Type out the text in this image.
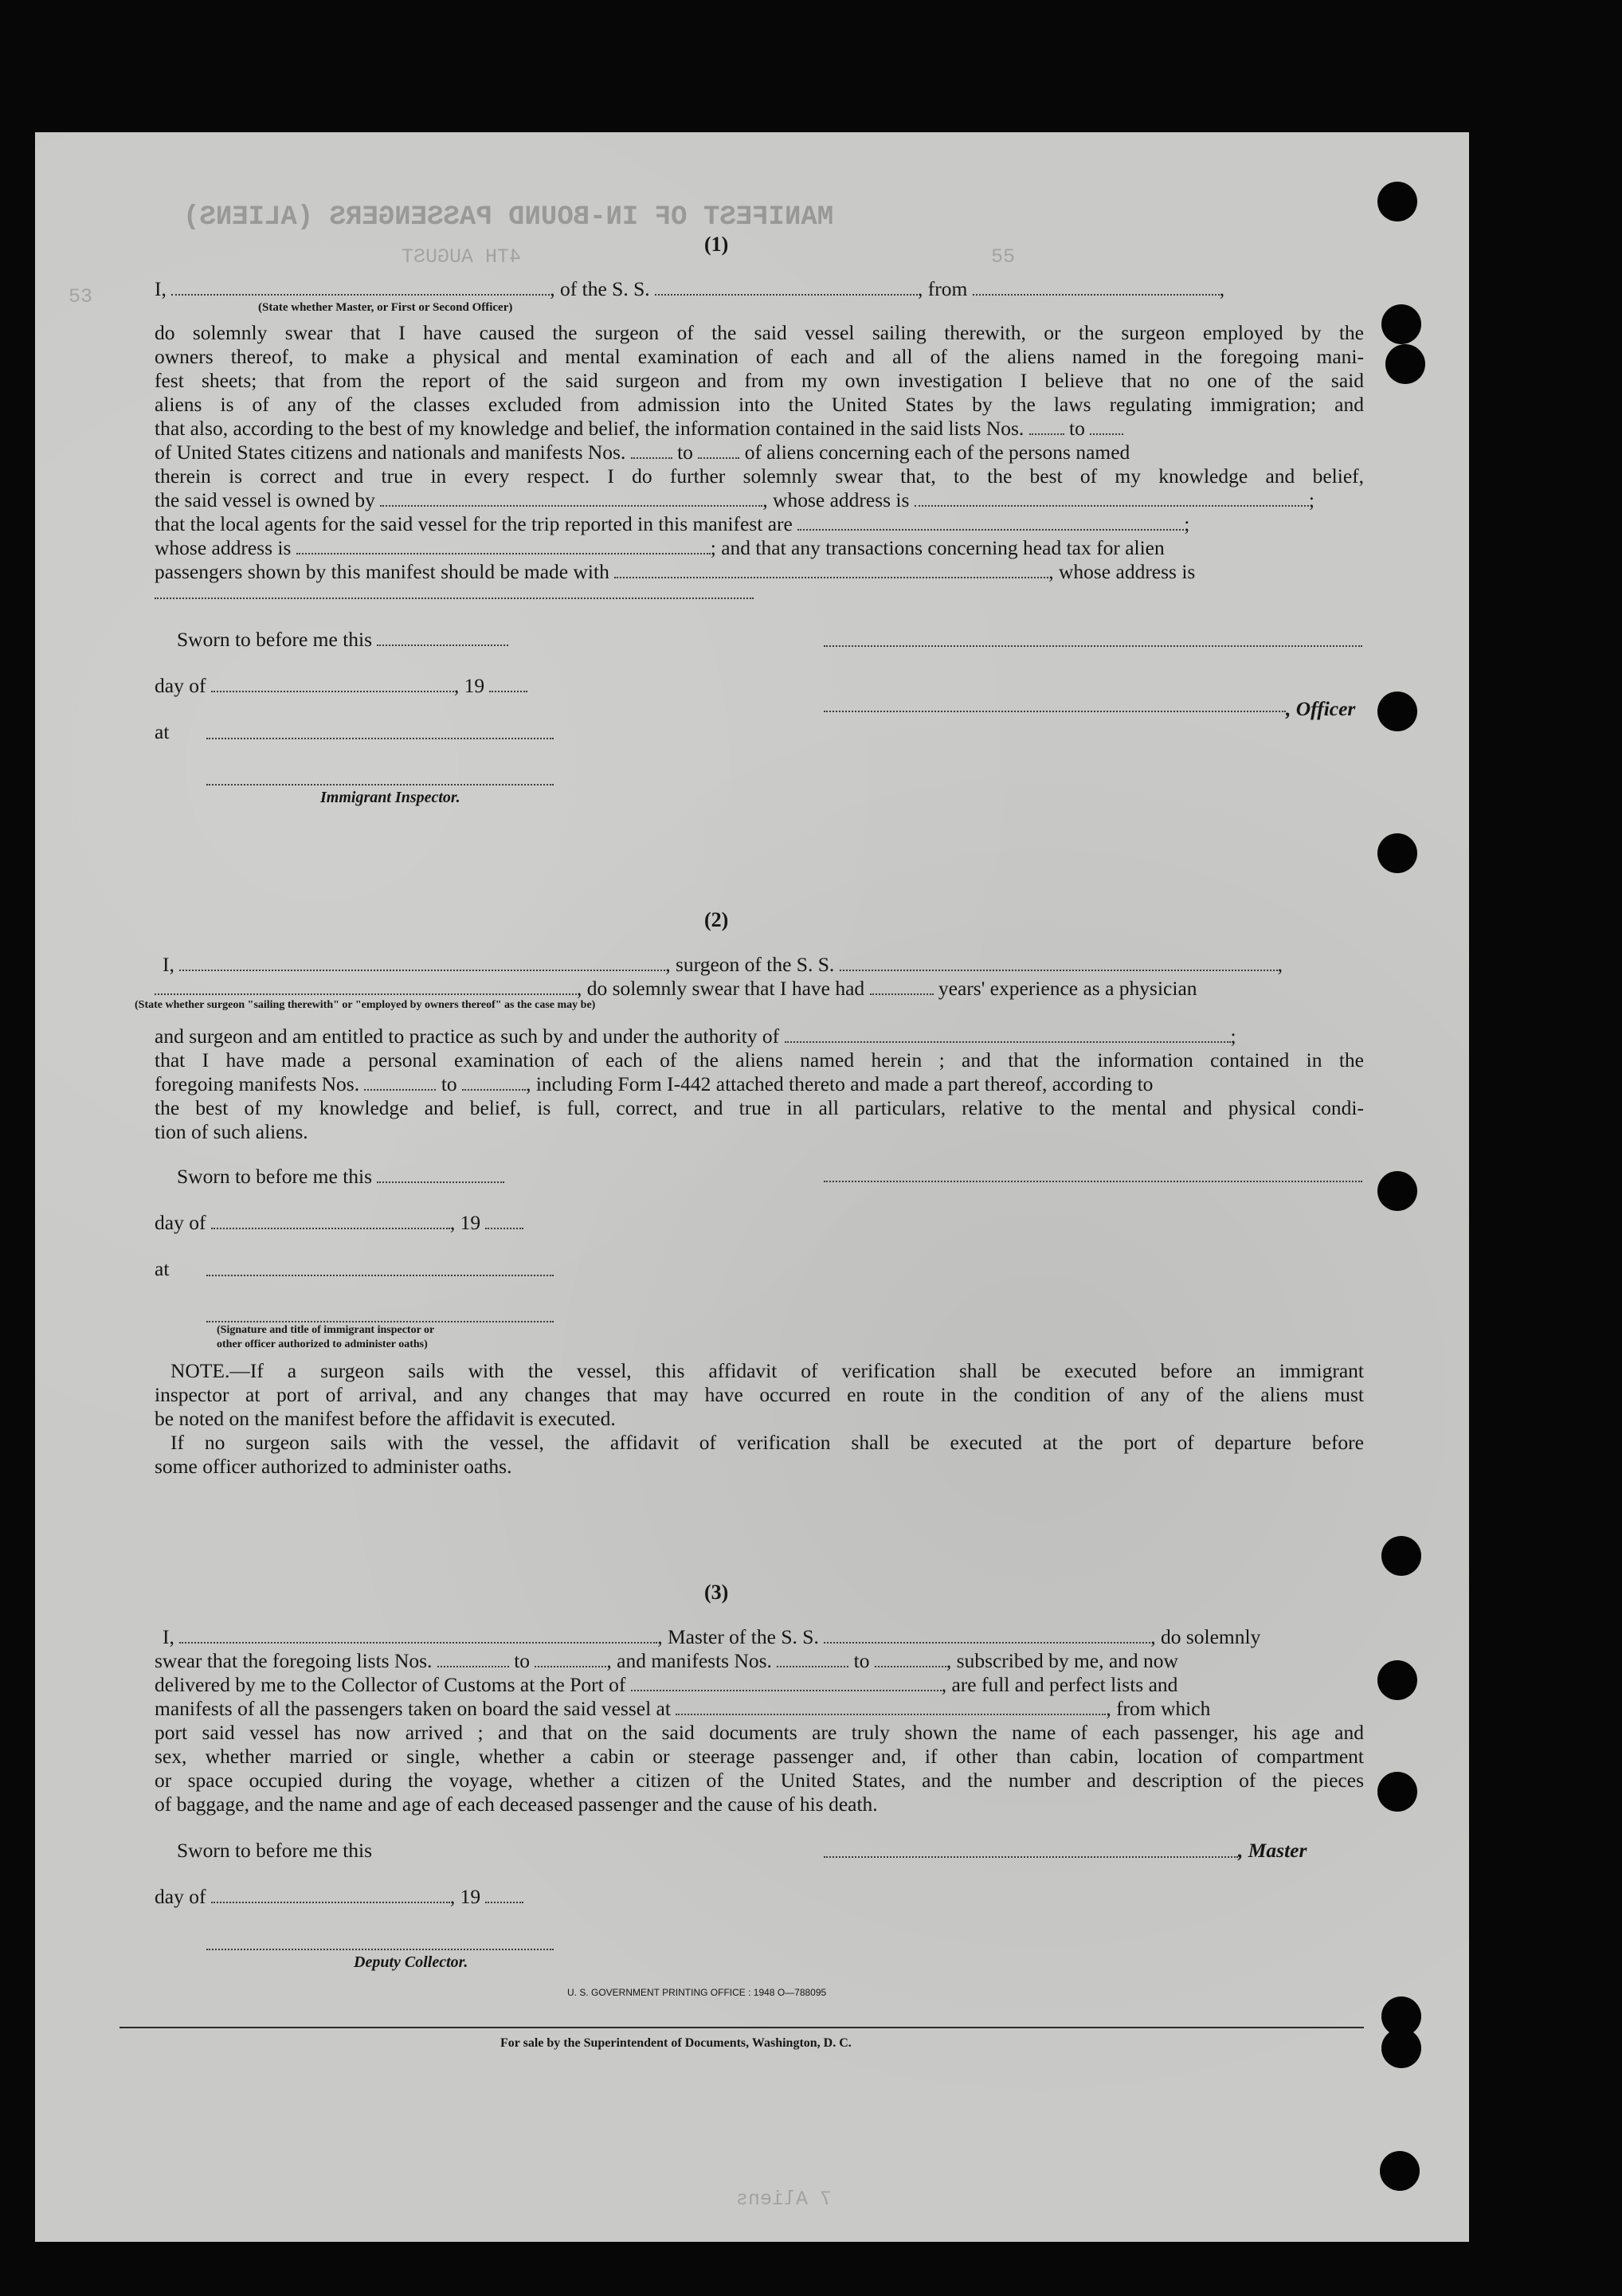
MANIFEST OF IN-BOUND PASSENGERS (ALIENS)
4TH AUGUST
53
55
7 Aliens
(1)
I,	, of the S. S.	, from	,
(State whether Master, or First or Second Officer)
do solemnly swear that I have caused the surgeon of the said vessel sailing therewith, or the surgeon employed by the
owners thereof, to make a physical and mental examination of each and all of the aliens named in the foregoing mani-
fest sheets; that from the report of the said surgeon and from my own investigation I believe that no one of the said
aliens is of any of the classes excluded from admission into the United States by the laws regulating immigration; and
that also, according to the best of my knowledge and belief, the information contained in the said lists Nos. to
of United States citizens and nationals and manifests Nos.	to	of aliens concerning each of the persons named
therein is correct and true in every respect. I do further solemnly swear that, to the best of my knowledge and belief,
the said vessel is owned by	, whose address is	;
that the local agents for the said vessel for the trip reported in this manifest are	;
whose address is	; and that any transactions concerning head tax for alien
passengers shown by this manifest should be made with	, whose address is
Sworn to before me this
day of	, 19
at
Immigrant Inspector.
, Officer
(2)
I,	, surgeon of the S. S.	,
, do solemnly swear that I have had	years' experience as a physician
(State whether surgeon "sailing therewith" or "employed by owners thereof" as the case may be)
and surgeon and am entitled to practice as such by and under the authority of	;
that I have made a personal examination of each of the aliens named herein ; and that the information contained in the
foregoing manifests Nos.	to	, including Form I-442 attached thereto and made a part thereof, according to
the best of my knowledge and belief, is full, correct, and true in all particulars, relative to the mental and physical condi-
tion of such aliens.
Sworn to before me this
day of	, 19
at
(Signature and title of immigrant inspector or
other officer authorized to administer oaths)
NOTE.—If a surgeon sails with the vessel, this affidavit of verification shall be executed before an immigrant
inspector at port of arrival, and any changes that may have occurred en route in the condition of any of the aliens must
be noted on the manifest before the affidavit is executed.
If no surgeon sails with the vessel, the affidavit of verification shall be executed at the port of departure before
some officer authorized to administer oaths.
(3)
I,	, Master of the S. S.	, do solemnly
swear that the foregoing lists Nos.	to	, and manifests Nos.	to	, subscribed by me, and now
delivered by me to the Collector of Customs at the Port of	, are full and perfect lists and
manifests of all the passengers taken on board the said vessel at	, from which
port said vessel has now arrived ; and that on the said documents are truly shown the name of each passenger, his age and
sex, whether married or single, whether a cabin or steerage passenger and, if other than cabin, location of compartment
or space occupied during the voyage, whether a citizen of the United States, and the number and description of the pieces
of baggage, and the name and age of each deceased passenger and the cause of his death.
Sworn to before me this	, Master
day of	, 19
Deputy Collector.
U. S. GOVERNMENT PRINTING OFFICE : 1948 O—788095
For sale by the Superintendent of Documents, Washington, D. C.
